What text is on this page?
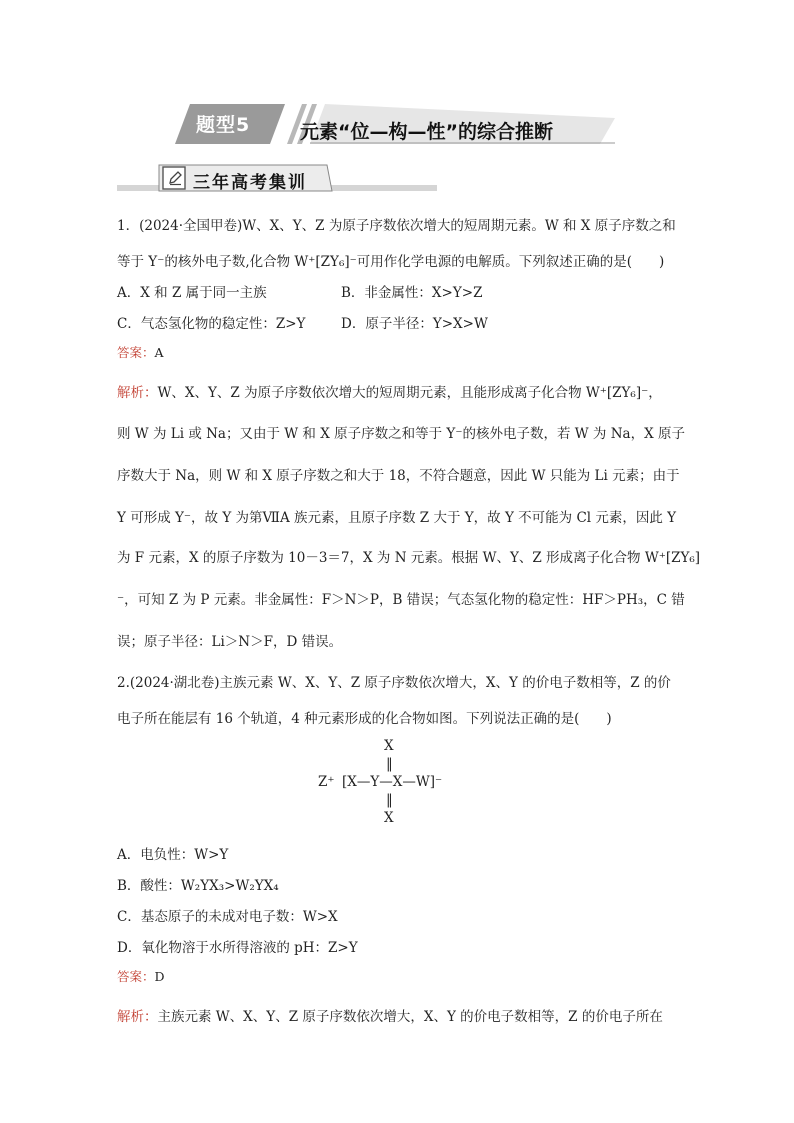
题型5	元素“位—构—性”的综合推断
三年高考集训
1．(2024·全国甲卷)W、X、Y、Z 为原子序数依次增大的短周期元素。W 和 X 原子序数之和
等于 Y⁻的核外电子数,化合物 W⁺[ZY₆]⁻可用作化学电源的电解质。下列叙述正确的是(　　)
A．X 和 Z 属于同一主族	B．非金属性：X>Y>Z
C．气态氢化物的稳定性：Z>Y	D．原子半径：Y>X>W
答案：A
解析：W、X、Y、Z 为原子序数依次增大的短周期元素，且能形成离子化合物 W⁺[ZY₆]⁻，
则 W 为 Li 或 Na；又由于 W 和 X 原子序数之和等于 Y⁻的核外电子数，若 W 为 Na，X 原子
序数大于 Na，则 W 和 X 原子序数之和大于 18，不符合题意，因此 W 只能为 Li 元素；由于
Y 可形成 Y⁻，故 Y 为第ⅦA 族元素，且原子序数 Z 大于 Y，故 Y 不可能为 Cl 元素，因此 Y
为 F 元素，X 的原子序数为 10－3＝7，X 为 N 元素。根据 W、Y、Z 形成离子化合物 W⁺[ZY₆]
⁻，可知 Z 为 P 元素。非金属性：F＞N＞P，B 错误；气态氢化物的稳定性：HF＞PH₃，C 错
误；原子半径：Li＞N＞F，D 错误。
2.(2024·湖北卷)主族元素 W、X、Y、Z 原子序数依次增大，X、Y 的价电子数相等，Z 的价
电子所在能层有 16 个轨道，4 种元素形成的化合物如图。下列说法正确的是(　　)
X
‖
Z⁺ [X—Y—X—W]⁻
‖
X
A．电负性：W>Y
B．酸性：W₂YX₃>W₂YX₄
C．基态原子的未成对电子数：W>X
D．氧化物溶于水所得溶液的 pH：Z>Y
答案：D
解析：主族元素 W、X、Y、Z 原子序数依次增大，X、Y 的价电子数相等，Z 的价电子所在
